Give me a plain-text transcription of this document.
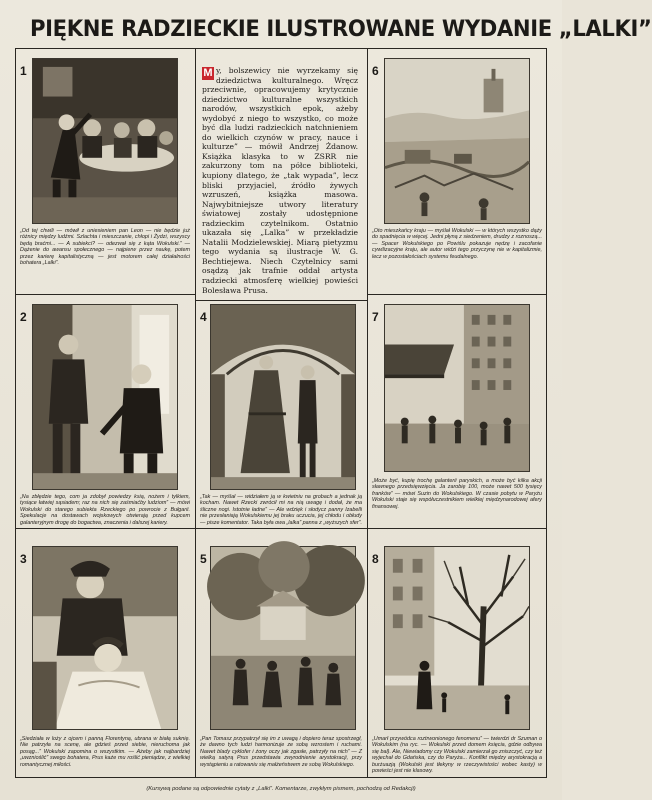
PIĘKNE RADZIECKIE ILUSTROWANE WYDANIE „LALKI”
1
„Od tej chwili — mówił z uniesieniem pan Leon — nie będzie już różnicy między ludźmi. Szlachta i mieszczanie, chłopi i Żydzi, wszyscy będą braćmi... — A subiekci? — odezwał się z kąta Wokulski.” — Dążenie do awansu społecznego — najpierw przez naukę, potem przez karierę kapitalistyczną — jest motorem całej działalności bohatera „Lalki”.
M y, bolszewicy nie wyrzekamy się dziedzictwa kulturalnego. Wręcz przeciwnie, opracowujemy krytycznie dziedzictwo kulturalne wszystkich narodów, wszystkich epok, ażeby wydobyć z niego to wszystko, co może być dla ludzi radzieckich natchnieniem do wielkich czynów w pracy, nauce i kulturze” — mówił Andrzej Żdanow. Książka klasyka to w ZSRR nie zakurzony tom na półce biblioteki, kupiony dlatego, że „tak wypada”, lecz bliski przyjaciel, źródło żywych wzruszeń, książka masowa. Najwybitniejsze utwory literatury światowej zostały udostępnione radzieckim czytelnikom. Ostatnio ukazała się „Lalka” w przekładzie Natalii Modzielewskiej. Miarą pietyzmu tego wydania są ilustracje W. G. Bechtiejewa. Niech Czytelnicy sami osądzą jak trafnie oddał artysta radziecki atmosferę wielkiej powieści Bolesława Prusa.
6
„Oto mieszkańcy kraju — myślał Wokulski — w których wszystko dąży do spadnięcia w więcej. Jedni płyną z siedzeniem, drudzy z roznoszą... — Spacer Wokulskiego po Powiślu pokazuje nędzę i zacofanie cywilizacyjne kraju, ale autor widzi tego przyczynę nie w kapitalizmie, lecz w pozostałościach systemu feudalnego.
2
„Na zbłędzie tego, com ja zdobył powiedzy ksią, nożem i tylkiem, tysiące łatwiej sąsiadem; raz na nich się zaśmiaćby ludziom” — mówi Wokulski do starego subiekta Rzeckiego po powrocie z Bułgarii. Spekulacje na dostawach wojskowych otwierają przed kupcem galanteryjnym drogę do bogactwa, znaczenia i dalszej kariery.
4
„Tak — myślał — widziałem ją w kwietniu na grobach a jednak ją kocham. Nawet Rzecki zwrócił mi na nią uwagę i dodał, że ma śliczne nogi. Istotnie ładne” — Ale wdzięk i słodycz panny Izabelli nie przesłaniają Wokulskiemu jej braku uczucia, jej chłodu i obłudy — pisze komentator. Taka była owa „lalka” panna z „wyższych sfer”.
7
„Może być, kupię trochę galanterii paryskich, a może być kilka akcji sławnego przedsięwzięcia. Ja zarobię 100, może nawet 500 tysięcy franków” — mówi Suzin do Wokulskiego. W czasie pobytu w Paryżu Wokulski staje się współuczestnikiem wielkiej międzynarodowej afery finansowej.
3
„Siedziała w loży z ojcem i panną Florentyną, ubrana w białą suknię. Nie patrzyła na scenę, ale gdzieś przed siebie, nieruchoma jak posąg...” Wokulski zapomina o wszystkim. — Ażeby jak najbardziej „uwznioślić” swego bohatera, Prus każe mu roślić pieniądze, z wielkiej romantycznej miłości.
5
„Pan Tomasz przypatrzył się im z uwagą i dopiero teraz spostrzegł, że dawno tych ludzi harmonizuje ze sobą wzrostem i ruchami. Nawet blady cyklofer i żony oczy jak zgasłe, patrzyły na nich” — Z wielką satyrą Prus przedstawia zwyrodnienie arystokracji, przy wystąpieniu a ratowaniu się małżeństwem ze sobą Wokulskiego.
8
„Umarł przywódca roztrwonionego fenomenu” — twierdzi dr Szuman o Wokulskim (na ryc. — Wokulski przed domem księcia, gdzie odbywa się bal). Ale, Niewiadomy czy Wokulski zamierzał go zniszczyć, czy też wyjechał do Gdańska, czy do Paryża... Konflikt między arystokracją a burżuazją (Wokulski jest tłekyny w rzeczywistości wobec kasty) w powieści jest nie klasowy.
(Kursywą podane są odpowiednie cytaty z „Lalki”. Komentarze, zwykłym pismem, pochodzą od Redakcji)
